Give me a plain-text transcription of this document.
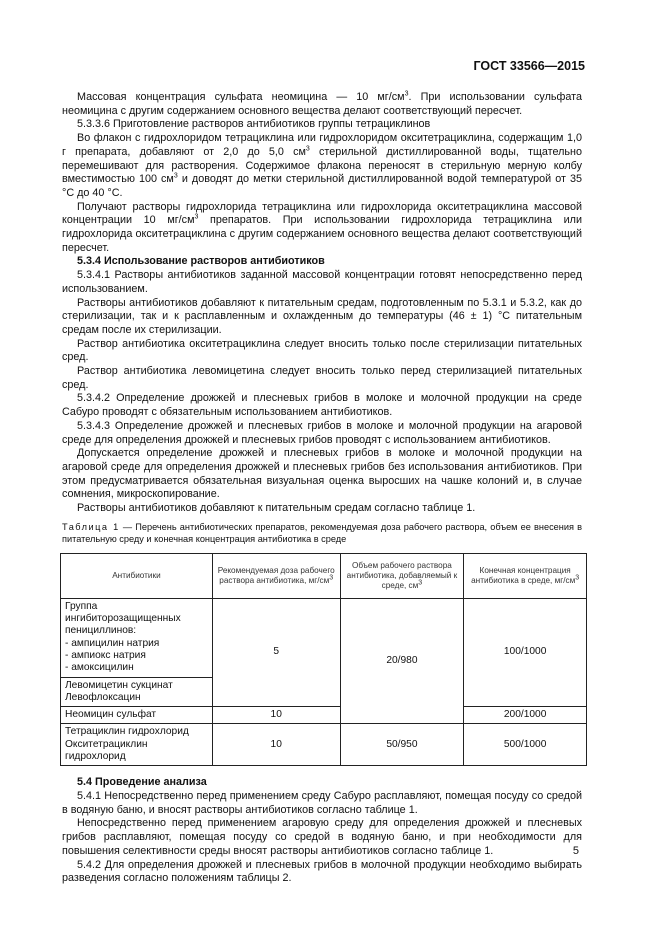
ГОСТ 33566—2015

Массовая концентрация сульфата неомицина — 10 $мг/см^3$. При использовании сульфата неомицина с другим содержанием основного вещества делают соответствующий пересчет.

5.3.3.6 Приготовление растворов антибиотиков группы тетрациклинов

Во флакон с гидрохлоридом тетрациклина или гидрохлоридом окситетрациклина, содержащим 1,0 г препарата, добавляют от 2,0 до 5,0 $см^3$ стерильной дистиллированной воды, тщательно перемешивают для растворения. Содержимое флакона переносят в стерильную мерную колбу вместимостью 100 $см^3$ и доводят до метки стерильной дистиллированной водой температурой от 35 °С до 40 °С.

Получают растворы гидрохлорида тетрациклина или гидрохлорида окситетрациклина массовой концентрации 10 $мг/см^3$ препаратов. При использовании гидрохлорида тетрациклина или гидрохлорида окситетрациклина с другим содержанием основного вещества делают соответствующий пересчет.

5.3.4 Использование растворов антибиотиков

5.3.4.1 Растворы антибиотиков заданной массовой концентрации готовят непосредственно перед использованием.

Растворы антибиотиков добавляют к питательным средам, подготовленным по 5.3.1 и 5.3.2, как до стерилизации, так и к расплавленным и охлажденным до температуры (46 ± 1) °С питательным средам после их стерилизации.

Раствор антибиотика окситетрациклина следует вносить только после стерилизации питательных сред.

Раствор антибиотика левомицетина следует вносить только перед стерилизацией питательных сред.

5.3.4.2 Определение дрожжей и плесневых грибов в молоке и молочной продукции на среде Сабуро проводят с обязательным использованием антибиотиков.

5.3.4.3 Определение дрожжей и плесневых грибов в молоке и молочной продукции на агаровой среде для определения дрожжей и плесневых грибов проводят с использованием антибиотиков.

Допускается определение дрожжей и плесневых грибов в молоке и молочной продукции на агаровой среде для определения дрожжей и плесневых грибов без использования антибиотиков. При этом предусматривается обязательная визуальная оценка выросших на чашке колоний и, в случае сомнения, микроскопирование.

Растворы антибиотиков добавляют к питательным средам согласно таблице 1.

Таблица 1 — Перечень антибиотических препаратов, рекомендуемая доза рабочего раствора, объем ее внесения в питательную среду и конечная концентрация антибиотика в среде

Антибиотики	Рекомендуемая доза рабочего раствора антибиотика, $мг/см^3$	Объем рабочего раствора антибиотика, добавляемый к среде, $см^3$	Конечная концентрация антибиотика в среде, $мг/см^3$

Группа ингибиторозащищенных пенициллинов:
- ампицилин натрия
- ампиокс натрия
- амоксицилин	5	20/980	100/1000

Левомицетин сукцинат
Левофлоксацин			

Неомицин сульфат	10		200/1000

Тетрациклин гидрохлорид
Окситетрациклин гидрохлорид	10	50/950	500/1000

5.4 Проведение анализа

5.4.1 Непосредственно перед применением среду Сабуро расплавляют, помещая посуду со средой в водяную баню, и вносят растворы антибиотиков согласно таблице 1.

Непосредственно перед применением агаровую среду для определения дрожжей и плесневых грибов расплавляют, помещая посуду со средой в водяную баню, и при необходимости для повышения селективности среды вносят растворы антибиотиков согласно таблице 1.

5.4.2 Для определения дрожжей и плесневых грибов в молочной продукции необходимо выбирать разведения согласно положениям таблицы 2.

5
